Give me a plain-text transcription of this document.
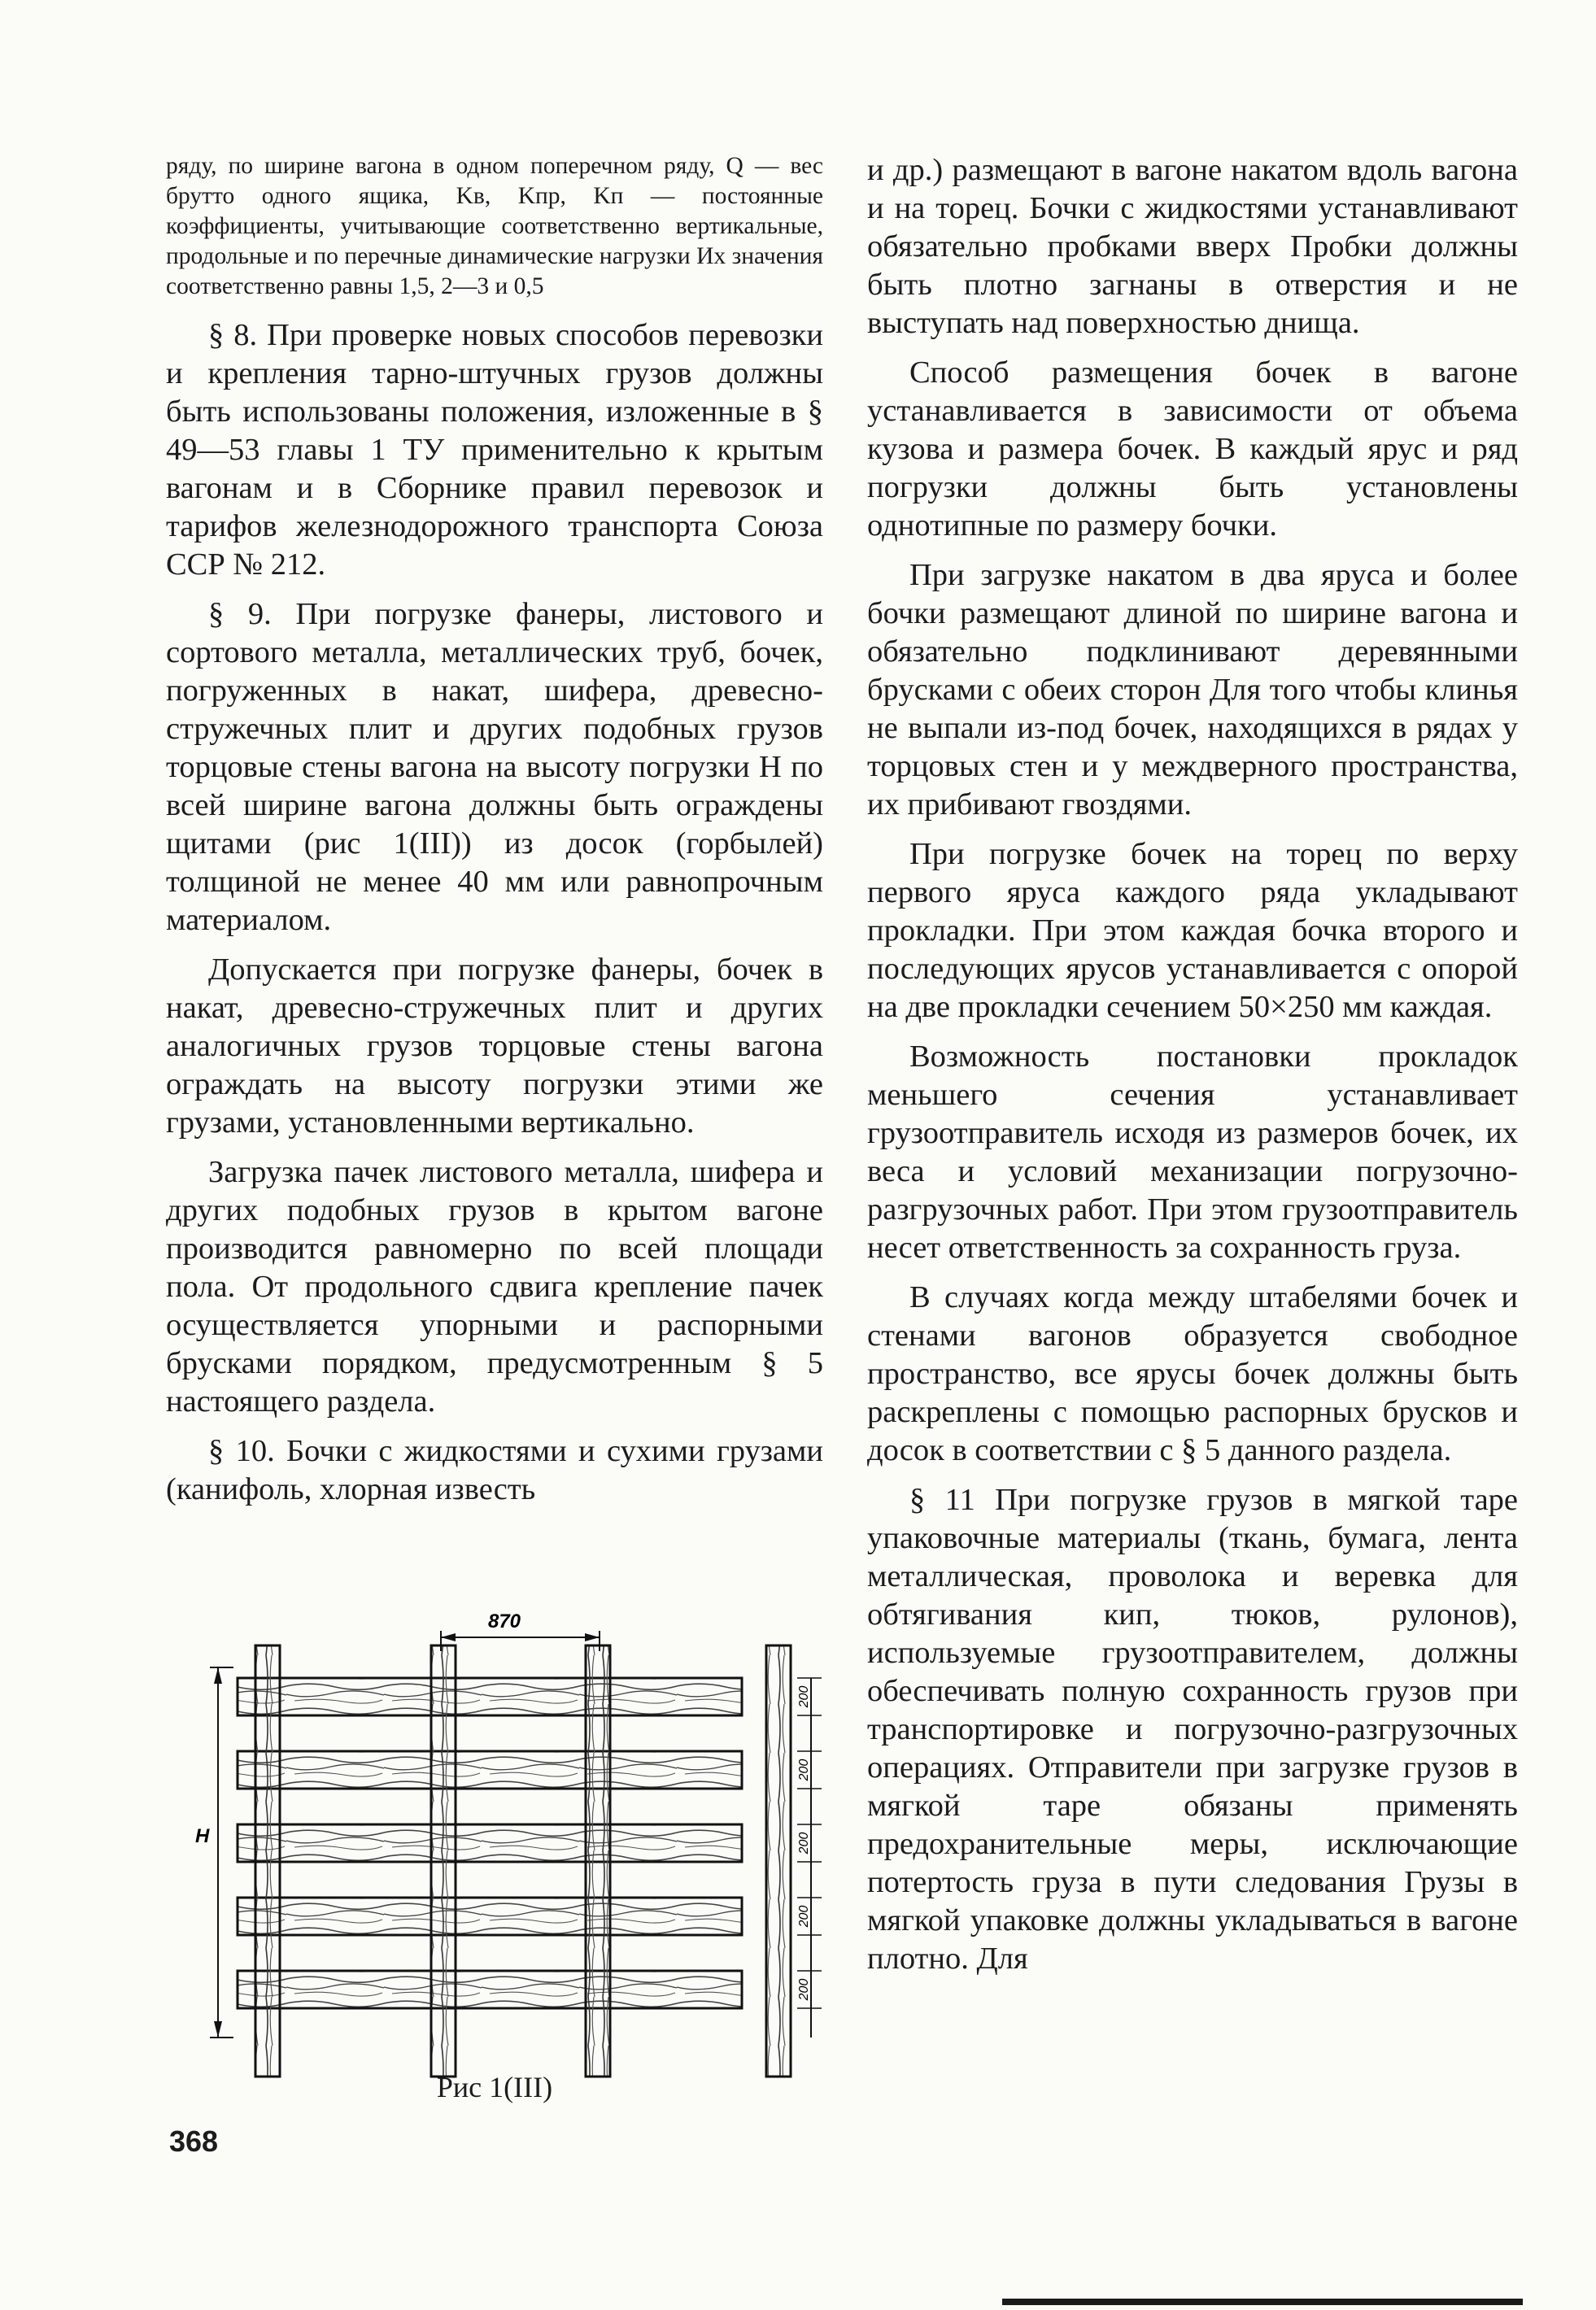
ряду, по ширине вагона в одном поперечном ряду, Q — вес брутто одного ящика, Kв, Kпр, Kп — постоянные коэффициенты, учитывающие соответственно вертикальные, продольные и по перечные динамические нагрузки Их значения соответственно равны 1,5, 2—3 и 0,5

§ 8. При проверке новых способов перевозки и крепления тарно-штучных грузов должны быть использованы положения, изложенные в § 49—53 главы 1 ТУ применительно к крытым вагонам и в Сборнике правил перевозок и тарифов железнодорожного транспорта Союза ССР № 212.

§ 9. При погрузке фанеры, листового и сортового металла, металлических труб, бочек, погруженных в накат, шифера, древесно-стружечных плит и других подобных грузов торцовые стены вагона на высоту погрузки Н по всей ширине вагона должны быть ограждены щитами (рис 1(III)) из досок (горбылей) толщиной не менее 40 мм или равнопрочным материалом.

Допускается при погрузке фанеры, бочек в накат, древесно-стружечных плит и других аналогичных грузов торцовые стены вагона ограждать на высоту погрузки этими же грузами, установленными вертикально.

Загрузка пачек листового металла, шифера и других подобных грузов в крытом вагоне производится равномерно по всей площади пола. От продольного сдвига крепление пачек осуществляется упорными и распорными брусками порядком, предусмотренным § 5 настоящего раздела.

§ 10. Бочки с жидкостями и сухими грузами (канифоль, хлорная известь

и др.) размещают в вагоне накатом вдоль вагона и на торец. Бочки с жидкостями устанавливают обязательно пробками вверх Пробки должны быть плотно загнаны в отверстия и не выступать над поверхностью днища.

Способ размещения бочек в вагоне устанавливается в зависимости от объема кузова и размера бочек. В каждый ярус и ряд погрузки должны быть установлены однотипные по размеру бочки.

При загрузке накатом в два яруса и более бочки размещают длиной по ширине вагона и обязательно подклинивают деревянными брусками с обеих сторон Для того чтобы клинья не выпали из-под бочек, находящихся в рядах у торцовых стен и у междверного пространства, их прибивают гвоздями.

При погрузке бочек на торец по верху первого яруса каждого ряда укладывают прокладки. При этом каждая бочка второго и последующих ярусов устанавливается с опорой на две прокладки сечением 50×250 мм каждая.

Возможность постановки прокладок меньшего сечения устанавливает грузоотправитель исходя из размеров бочек, их веса и условий механизации погрузочно-разгрузочных работ. При этом грузоотправитель несет ответственность за сохранность груза.

В случаях когда между штабелями бочек и стенами вагонов образуется свободное пространство, все ярусы бочек должны быть раскреплены с помощью распорных брусков и досок в соответствии с § 5 данного раздела.

§ 11 При погрузке грузов в мягкой таре упаковочные материалы (ткань, бумага, лента металлическая, проволока и веревка для обтягивания кип, тюков, рулонов), используемые грузоотправителем, должны обеспечивать полную сохранность грузов при транспортировке и погрузочно-разгрузочных операциях. Отправители при загрузке грузов в мягкой таре обязаны применять предохранительные меры, исключающие потертость груза в пути следования Грузы в мягкой упаковке должны укладываться в вагоне плотно. Для

870
H
200
200
200
200
200
Рис 1(III)
368
